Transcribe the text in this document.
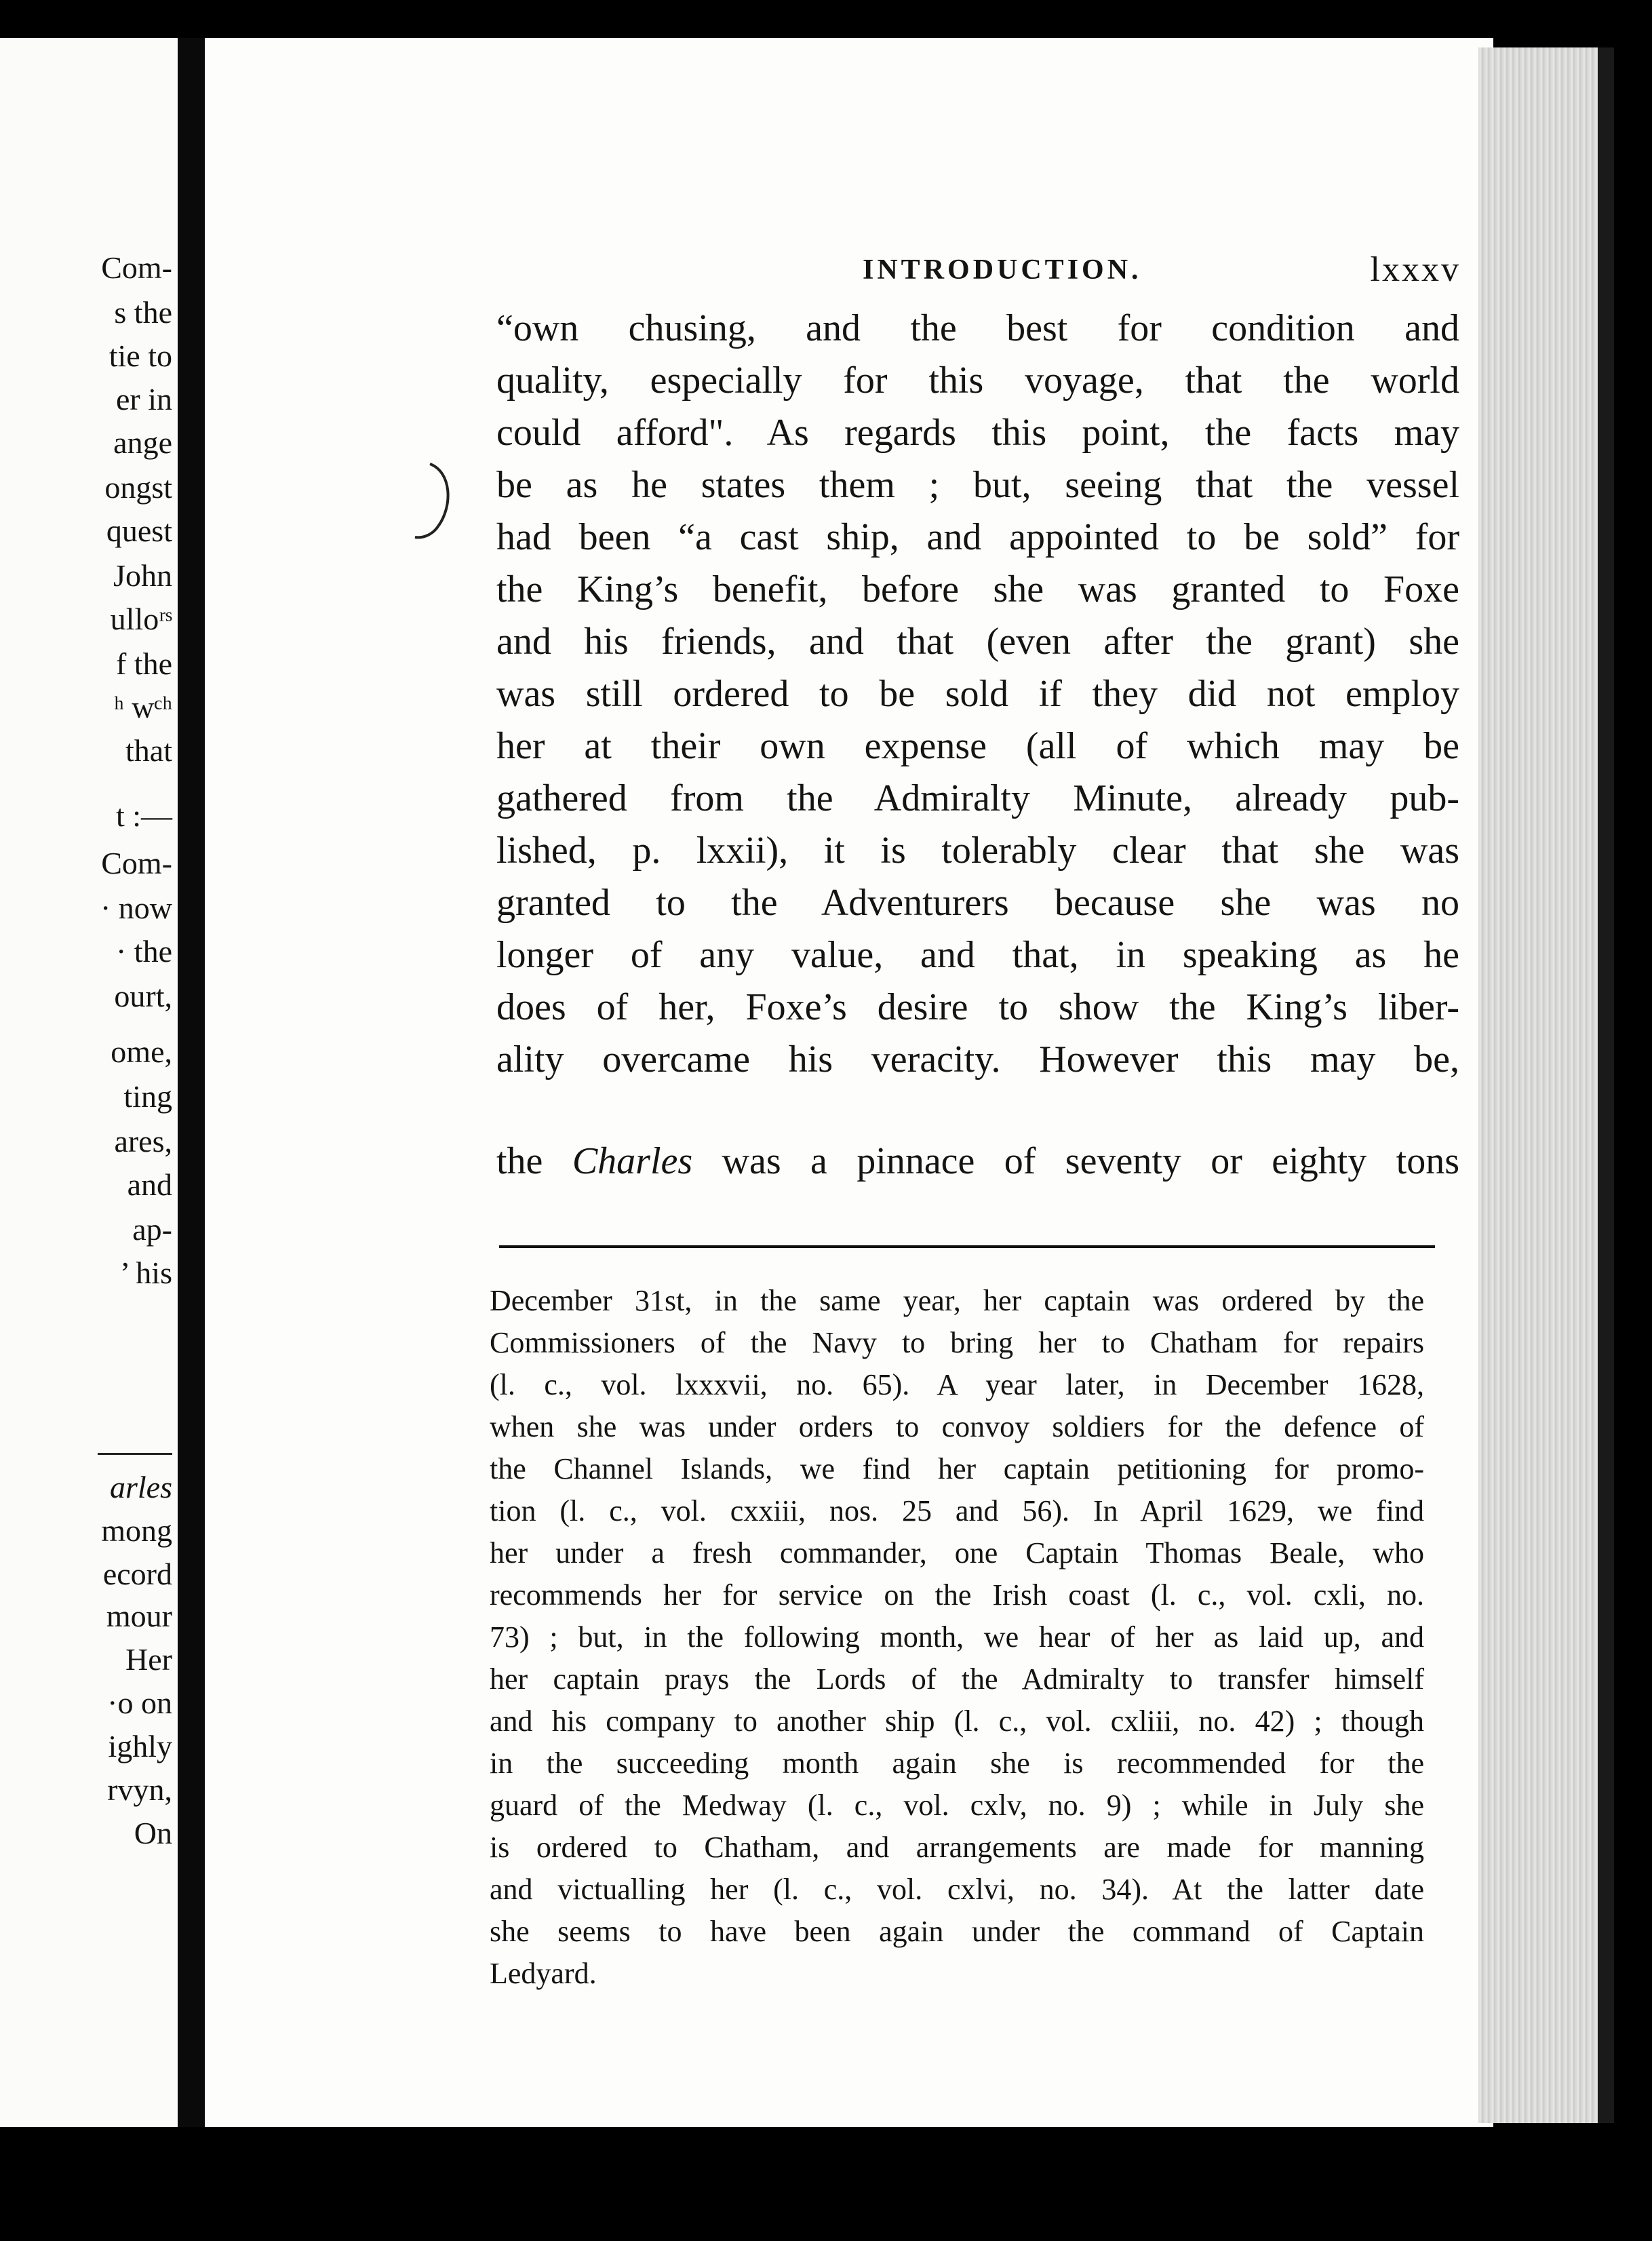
Com-
s the
tie to
er in
ange
ongst
quest
John
ulloʳˢ
f the
ʰ wᶜʰ
that
t :—
Com-
· now
· the
ourt,
ome,
ting
ares,
and
ap-
’ his
arles
mong
ecord
mour
Her
·o on
ighly
rvyn,
On
INTRODUCTION.	lxxxv
“own chusing, and the best for condition and
quality, especially for this voyage, that the world
could afford". As regards this point, the facts may
be as he states them ; but, seeing that the vessel
had been “a cast ship, and appointed to be sold” for
the King’s benefit, before she was granted to Foxe
and his friends, and that (even after the grant) she
was still ordered to be sold if they did not employ
her at their own expense (all of which may be
gathered from the Admiralty Minute, already pub-
lished, p. lxxii), it is tolerably clear that she was
granted to the Adventurers because she was no
longer of any value, and that, in speaking as he
does of her, Foxe’s desire to show the King’s liber-
ality overcame his veracity. However this may be,
the Charles was a pinnace of seventy or eighty tons
December 31st, in the same year, her captain was ordered by the
Commissioners of the Navy to bring her to Chatham for repairs
(l. c., vol. lxxxvii, no. 65). A year later, in December 1628,
when she was under orders to convoy soldiers for the defence of
the Channel Islands, we find her captain petitioning for promo-
tion (l. c., vol. cxxiii, nos. 25 and 56). In April 1629, we find
her under a fresh commander, one Captain Thomas Beale, who
recommends her for service on the Irish coast (l. c., vol. cxli, no.
73) ; but, in the following month, we hear of her as laid up, and
her captain prays the Lords of the Admiralty to transfer himself
and his company to another ship (l. c., vol. cxliii, no. 42) ; though
in the succeeding month again she is recommended for the
guard of the Medway (l. c., vol. cxlv, no. 9) ; while in July she
is ordered to Chatham, and arrangements are made for manning
and victualling her (l. c., vol. cxlvi, no. 34). At the latter date
she seems to have been again under the command of Captain
Ledyard.
